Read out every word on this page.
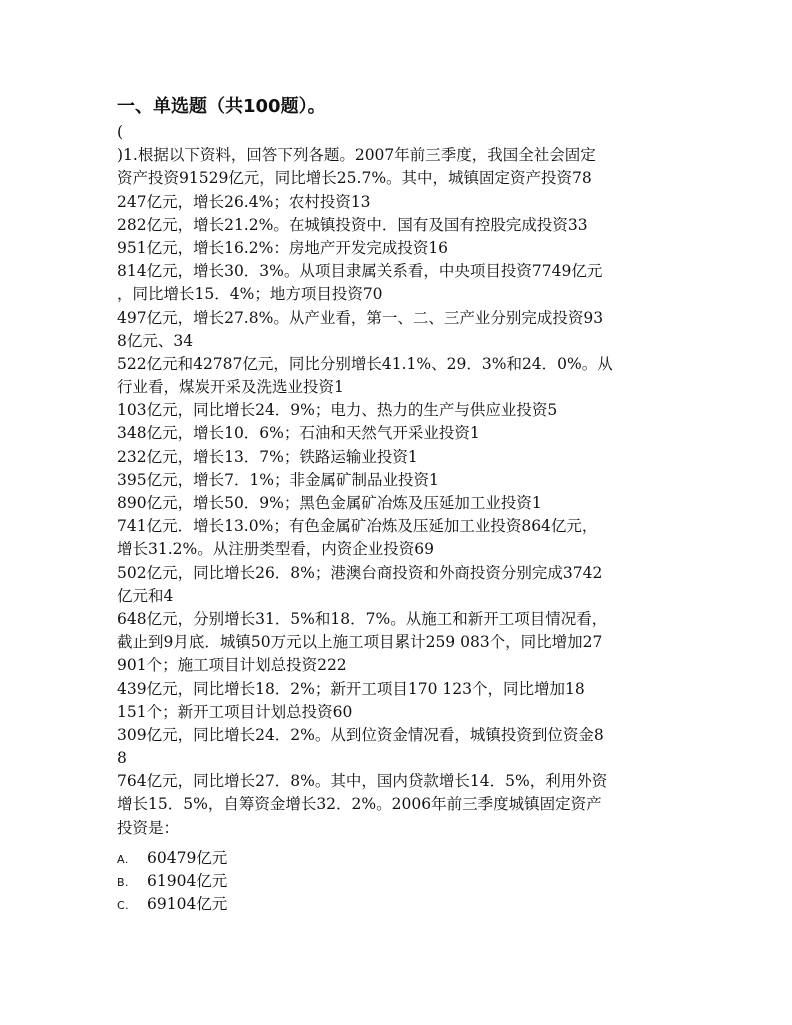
一、单选题（共100题）。
(
)1.根据以下资料，回答下列各题。2007年前三季度，我国全社会固定
资产投资91529亿元，同比增长25.7%。其中，城镇固定资产投资78
247亿元，增长26.4%；农村投资13
282亿元，增长21.2%。在城镇投资中．国有及国有控股完成投资33
951亿元，增长16.2%：房地产开发完成投资16
814亿元，增长30．3%。从项目隶属关系看，中央项目投资7749亿元
，同比增长15．4%；地方项目投资70
497亿元，增长27.8%。从产业看，第一、二、三产业分别完成投资93
8亿元、34
522亿元和42787亿元，同比分别增长41.1%、29．3%和24．0%。从
行业看，煤炭开采及洗选业投资1
103亿元，同比增长24．9%；电力、热力的生产与供应业投资5
348亿元，增长10．6%；石油和天然气开采业投资1
232亿元，增长13．7%；铁路运输业投资1
395亿元，增长7．1%；非金属矿制品业投资1
890亿元，增长50．9%；黑色金属矿冶炼及压延加工业投资1
741亿元．增长13.0%；有色金属矿冶炼及压延加工业投资864亿元，
增长31.2%。从注册类型看，内资企业投资69
502亿元，同比增长26．8%；港澳台商投资和外商投资分别完成3742
亿元和4
648亿元，分别增长31．5%和18．7%。从施工和新开工项目情况看，
截止到9月底．城镇50万元以上施工项目累计259 083个，同比增加27
901个；施工项目计划总投资222
439亿元，同比增长18．2%；新开工项目170 123个，同比增加18
151个；新开工项目计划总投资60
309亿元，同比增长24．2%。从到位资金情况看，城镇投资到位资金8
8
764亿元，同比增长27．8%。其中，国内贷款增长14．5%，利用外资
增长15．5%，自筹资金增长32．2%。2006年前三季度城镇固定资产
投资是：
A. 60479亿元
B. 61904亿元
C. 69104亿元
